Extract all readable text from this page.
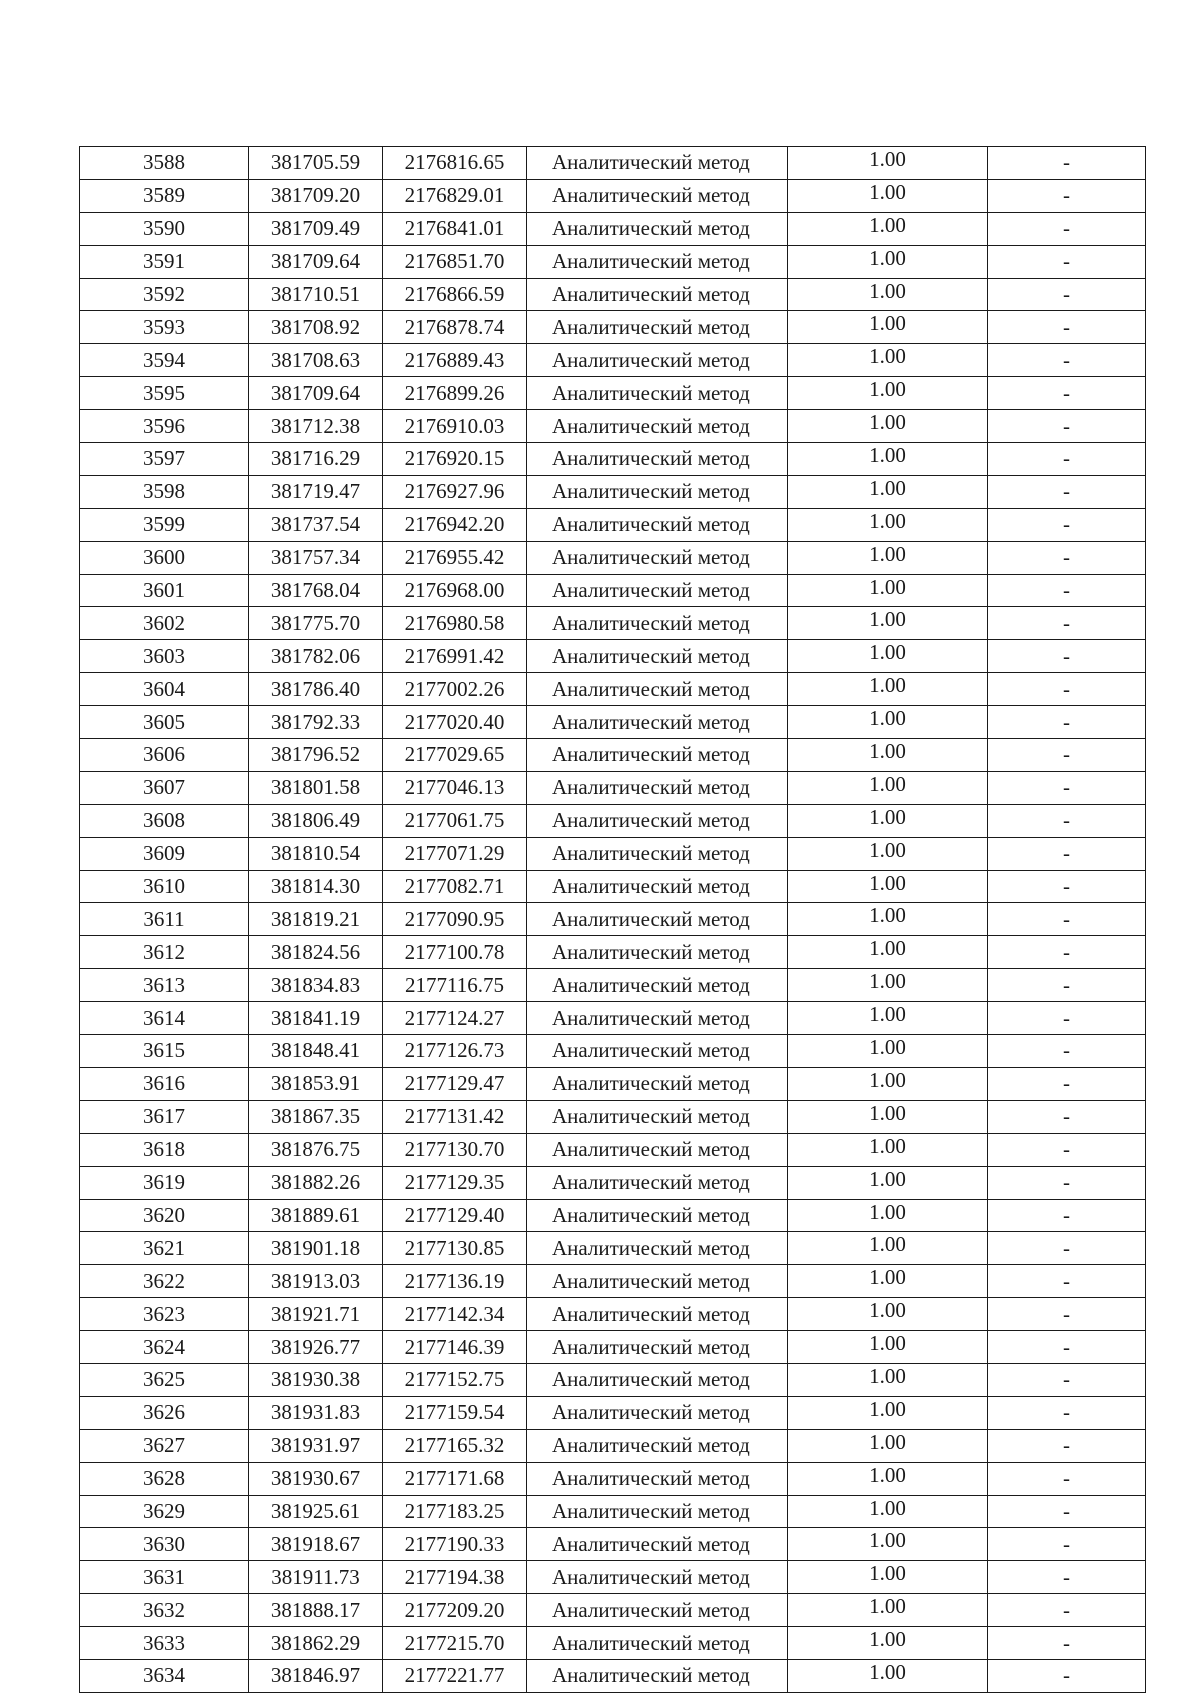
3588	381705.59	2176816.65	Аналитический метод	1.00	-
3589	381709.20	2176829.01	Аналитический метод	1.00	-
3590	381709.49	2176841.01	Аналитический метод	1.00	-
3591	381709.64	2176851.70	Аналитический метод	1.00	-
3592	381710.51	2176866.59	Аналитический метод	1.00	-
3593	381708.92	2176878.74	Аналитический метод	1.00	-
3594	381708.63	2176889.43	Аналитический метод	1.00	-
3595	381709.64	2176899.26	Аналитический метод	1.00	-
3596	381712.38	2176910.03	Аналитический метод	1.00	-
3597	381716.29	2176920.15	Аналитический метод	1.00	-
3598	381719.47	2176927.96	Аналитический метод	1.00	-
3599	381737.54	2176942.20	Аналитический метод	1.00	-
3600	381757.34	2176955.42	Аналитический метод	1.00	-
3601	381768.04	2176968.00	Аналитический метод	1.00	-
3602	381775.70	2176980.58	Аналитический метод	1.00	-
3603	381782.06	2176991.42	Аналитический метод	1.00	-
3604	381786.40	2177002.26	Аналитический метод	1.00	-
3605	381792.33	2177020.40	Аналитический метод	1.00	-
3606	381796.52	2177029.65	Аналитический метод	1.00	-
3607	381801.58	2177046.13	Аналитический метод	1.00	-
3608	381806.49	2177061.75	Аналитический метод	1.00	-
3609	381810.54	2177071.29	Аналитический метод	1.00	-
3610	381814.30	2177082.71	Аналитический метод	1.00	-
3611	381819.21	2177090.95	Аналитический метод	1.00	-
3612	381824.56	2177100.78	Аналитический метод	1.00	-
3613	381834.83	2177116.75	Аналитический метод	1.00	-
3614	381841.19	2177124.27	Аналитический метод	1.00	-
3615	381848.41	2177126.73	Аналитический метод	1.00	-
3616	381853.91	2177129.47	Аналитический метод	1.00	-
3617	381867.35	2177131.42	Аналитический метод	1.00	-
3618	381876.75	2177130.70	Аналитический метод	1.00	-
3619	381882.26	2177129.35	Аналитический метод	1.00	-
3620	381889.61	2177129.40	Аналитический метод	1.00	-
3621	381901.18	2177130.85	Аналитический метод	1.00	-
3622	381913.03	2177136.19	Аналитический метод	1.00	-
3623	381921.71	2177142.34	Аналитический метод	1.00	-
3624	381926.77	2177146.39	Аналитический метод	1.00	-
3625	381930.38	2177152.75	Аналитический метод	1.00	-
3626	381931.83	2177159.54	Аналитический метод	1.00	-
3627	381931.97	2177165.32	Аналитический метод	1.00	-
3628	381930.67	2177171.68	Аналитический метод	1.00	-
3629	381925.61	2177183.25	Аналитический метод	1.00	-
3630	381918.67	2177190.33	Аналитический метод	1.00	-
3631	381911.73	2177194.38	Аналитический метод	1.00	-
3632	381888.17	2177209.20	Аналитический метод	1.00	-
3633	381862.29	2177215.70	Аналитический метод	1.00	-
3634	381846.97	2177221.77	Аналитический метод	1.00	-
